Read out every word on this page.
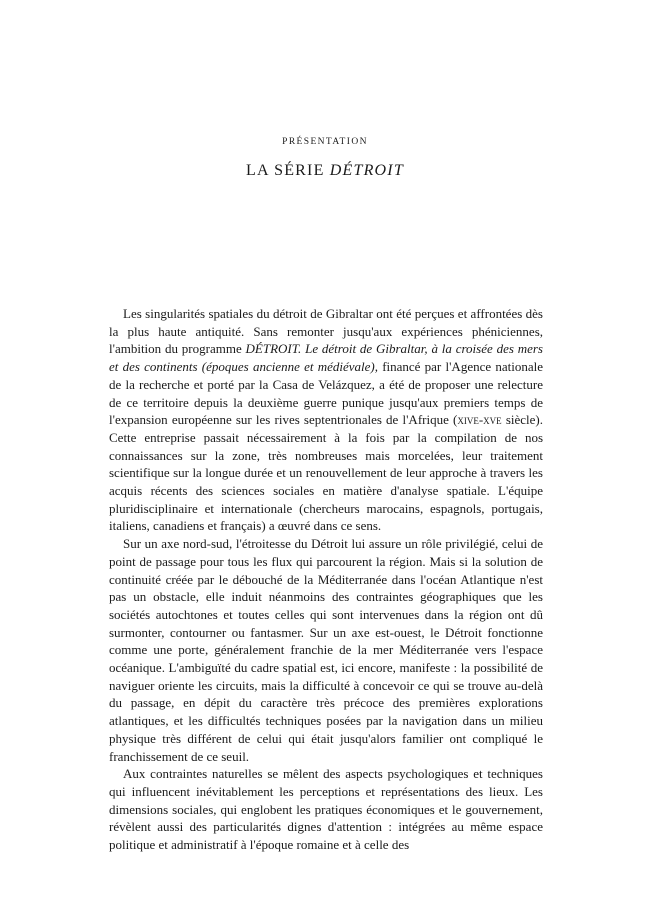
PRÉSENTATION
LA SÉRIE DÉTROIT

Les singularités spatiales du détroit de Gibraltar ont été perçues et affrontées dès la plus haute antiquité. Sans remonter jusqu'aux expériences phéniciennes, l'ambition du programme DÉTROIT. Le détroit de Gibraltar, à la croisée des mers et des continents (époques ancienne et médiévale), financé par l'Agence nationale de la recherche et porté par la Casa de Velázquez, a été de proposer une relecture de ce territoire depuis la deuxième guerre punique jusqu'aux premiers temps de l'expansion européenne sur les rives septentrionales de l'Afrique (xive-xve siècle). Cette entreprise passait nécessairement à la fois par la compilation de nos connaissances sur la zone, très nombreuses mais morcelées, leur traitement scientifique sur la longue durée et un renouvellement de leur approche à travers les acquis récents des sciences sociales en matière d'analyse spatiale. L'équipe pluridisciplinaire et internationale (chercheurs marocains, espagnols, portugais, italiens, canadiens et français) a œuvré dans ce sens.

Sur un axe nord-sud, l'étroitesse du Détroit lui assure un rôle privilégié, celui de point de passage pour tous les flux qui parcourent la région. Mais si la solution de continuité créée par le débouché de la Méditerranée dans l'océan Atlantique n'est pas un obstacle, elle induit néanmoins des contraintes géographiques que les sociétés autochtones et toutes celles qui sont intervenues dans la région ont dû surmonter, contourner ou fantasmer. Sur un axe est-ouest, le Détroit fonctionne comme une porte, généralement franchie de la mer Méditerranée vers l'espace océanique. L'ambiguïté du cadre spatial est, ici encore, manifeste : la possibilité de naviguer oriente les circuits, mais la difficulté à concevoir ce qui se trouve au-delà du passage, en dépit du caractère très précoce des premières explorations atlantiques, et les difficultés techniques posées par la navigation dans un milieu physique très différent de celui qui était jusqu'alors familier ont compliqué le franchissement de ce seuil.

Aux contraintes naturelles se mêlent des aspects psychologiques et techniques qui influencent inévitablement les perceptions et représentations des lieux. Les dimensions sociales, qui englobent les pratiques économiques et le gouvernement, révèlent aussi des particularités dignes d'attention : intégrées au même espace politique et administratif à l'époque romaine et à celle des
